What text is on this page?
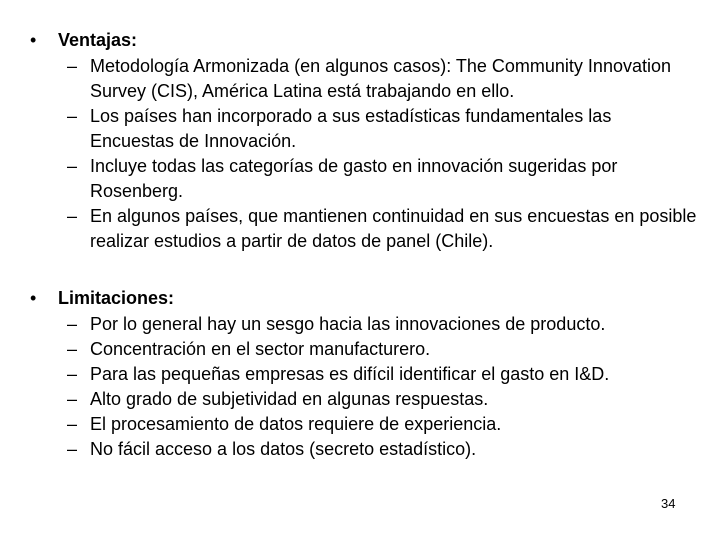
• Ventajas:
– Metodología Armonizada (en algunos casos): The Community Innovation Survey (CIS), América Latina está trabajando en ello.
– Los países han incorporado a sus estadísticas fundamentales las Encuestas de Innovación.
– Incluye todas las categorías de gasto en innovación sugeridas por Rosenberg.
– En algunos países, que mantienen continuidad en sus encuestas en posible realizar estudios a partir de datos de panel (Chile).
• Limitaciones:
– Por lo general hay un sesgo hacia las innovaciones de producto.
– Concentración en el sector manufacturero.
– Para las pequeñas empresas es difícil identificar el gasto en I&D.
– Alto grado de subjetividad en algunas respuestas.
– El procesamiento de datos requiere de experiencia.
– No fácil acceso a los datos (secreto estadístico).
34
